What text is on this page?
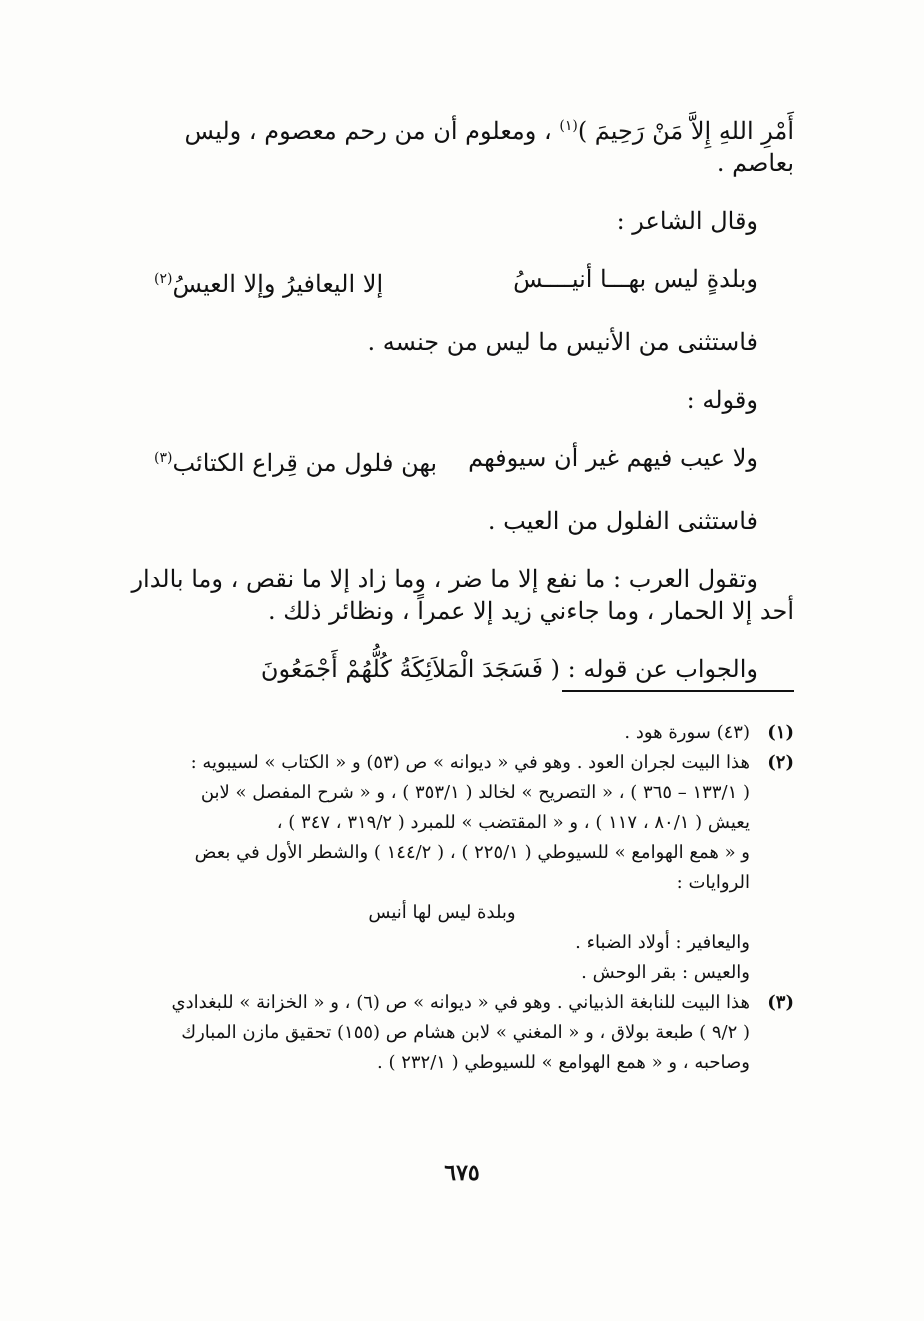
أَمْرِ اللهِ إِلاَّ مَنْ رَحِيمَ )$^{(١)}$ ، ومعلوم أن من رحم معصوم ، وليس

بعاصم .

وقال الشاعر :

وبلدةٍ ليس بهـــا أنيــــسُ
إلا اليعافيرُ وإلا العيسُ$^{(٢)}$

فاستثنى من الأنيس ما ليس من جنسه .

وقوله :

ولا عيب فيهم غير أن سيوفهم
بهن فلول من قِراع الكتائب$^{(٣)}$

فاستثنى الفلول من العيب .

وتقول العرب : ما نفع إلا ما ضر ، وما زاد إلا ما نقص ، وما بالدار

أحد إلا الحمار ، وما جاءني زيد إلا عمراً ، ونظائر ذلك .

والجواب عن قوله : ( فَسَجَدَ الْمَلاَئِكَةُ كُلُّهُمْ أَجْمَعُونَ

(١)

(٤٣) سورة هود .

(٢)

هذا البيت لجران العود . وهو في « ديوانه » ص (٥٣) و « الكتاب » لسيبويه :

( ١٣٣/١ – ٣٦٥ ) ، « التصريح » لخالد ( ٣٥٣/١ ) ، و « شرح المفصل » لابن

يعيش ( ٨٠/١ ، ١١٧ ) ، و « المقتضب » للمبرد ( ٣١٩/٢ ، ٣٤٧ ) ،

و « همع الهوامع » للسيوطي ( ٢٢٥/١ ) ، ( ١٤٤/٢ ) والشطر الأول في بعض

الروايات :

وبلدة ليس لها أنيس

واليعافير : أولاد الضباء .

والعيس : بقر الوحش .

(٣)

هذا البيت للنابغة الذبياني . وهو في « ديوانه » ص (٦) ، و « الخزانة » للبغدادي

( ٩/٢ ) طبعة بولاق ، و « المغني » لابن هشام ص (١٥٥) تحقيق مازن المبارك

وصاحبه ، و « همع الهوامع » للسيوطي ( ٢٣٢/١ ) .

٦٧٥
